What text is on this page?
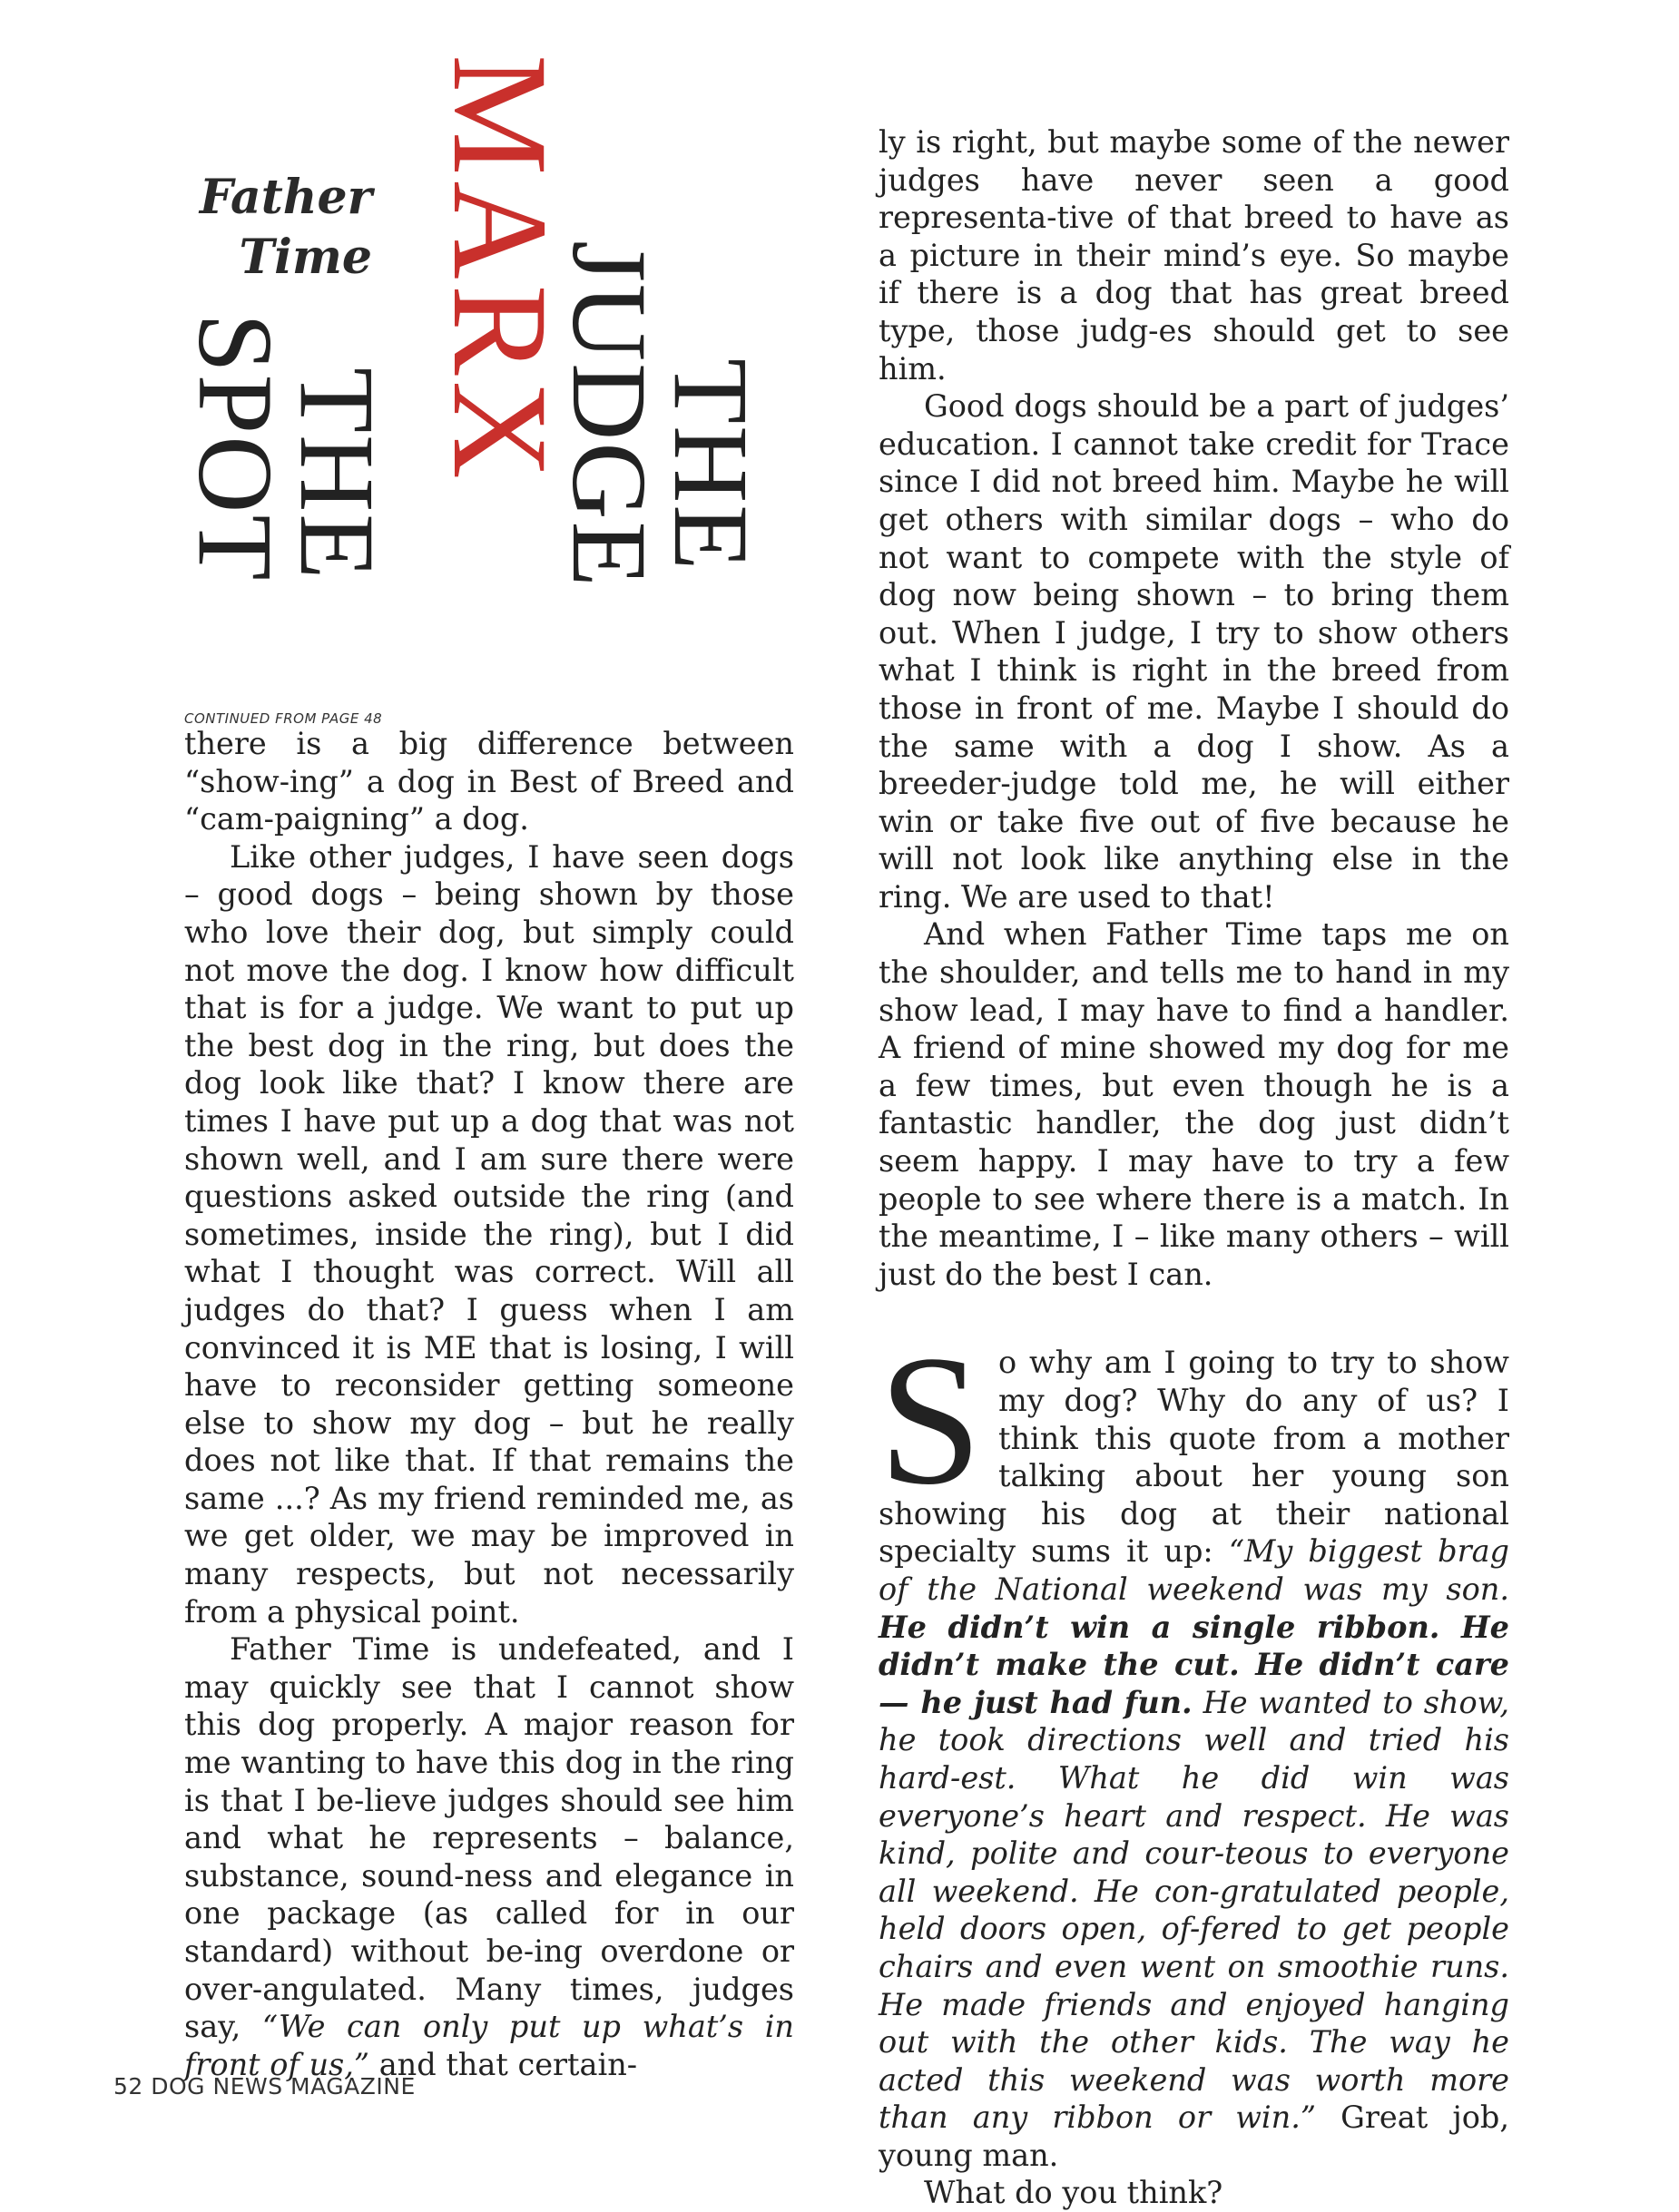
Father
Time
THE
JUDGE
MARX
THE
SPOT
CONTINUED FROM PAGE 48

there is a big difference between “show-ing” a dog in Best of Breed and “cam-paigning” a dog.

Like other judges, I have seen dogs – good dogs – being shown by those who love their dog, but simply could not move the dog. I know how difficult that is for a judge. We want to put up the best dog in the ring, but does the dog look like that? I know there are times I have put up a dog that was not shown well, and I am sure there were questions asked outside the ring (and sometimes, inside the ring), but I did what I thought was correct. Will all judges do that? I guess when I am convinced it is ME that is losing, I will have to reconsider getting someone else to show my dog – but he really does not like that. If that remains the same ...? As my friend reminded me, as we get older, we may be improved in many respects, but not necessarily from a physical point.

Father Time is undefeated, and I may quickly see that I cannot show this dog properly. A major reason for me wanting to have this dog in the ring is that I be-lieve judges should see him and what he represents – balance, substance, sound-ness and elegance in one package (as called for in our standard) without be-ing overdone or over-angulated. Many times, judges say, “We can only put up what’s in front of us,” and that certain-

ly is right, but maybe some of the newer judges have never seen a good representa-tive of that breed to have as a picture in their mind’s eye. So maybe if there is a dog that has great breed type, those judg-es should get to see him.

Good dogs should be a part of judges’ education. I cannot take credit for Trace since I did not breed him. Maybe he will get others with similar dogs – who do not want to compete with the style of dog now being shown – to bring them out. When I judge, I try to show others what I think is right in the breed from those in front of me. Maybe I should do the same with a dog I show. As a breeder-judge told me, he will either win or take five out of five because he will not look like anything else in the ring. We are used to that!

And when Father Time taps me on the shoulder, and tells me to hand in my show lead, I may have to find a handler. A friend of mine showed my dog for me a few times, but even though he is a fantastic handler, the dog just didn’t seem happy. I may have to try a few people to see where there is a match. In the meantime, I – like many others – will just do the best I can.

S o why am I going to try to show my dog? Why do any of us? I think this quote from a mother talking about her young son showing his dog at their national specialty sums it up: “My biggest brag of the National weekend was my son. He didn’t win a single ribbon. He didn’t make the cut. He didn’t care — he just had fun. He wanted to show, he took directions well and tried his hard-est. What he did win was everyone’s heart and respect. He was kind, polite and cour-teous to everyone all weekend. He con-gratulated people, held doors open, of-fered to get people chairs and even went on smoothie runs. He made friends and enjoyed hanging out with the other kids. The way he acted this weekend was worth more than any ribbon or win.” Great job, young man.

What do you think?

52 DOG NEWS MAGAZINE
